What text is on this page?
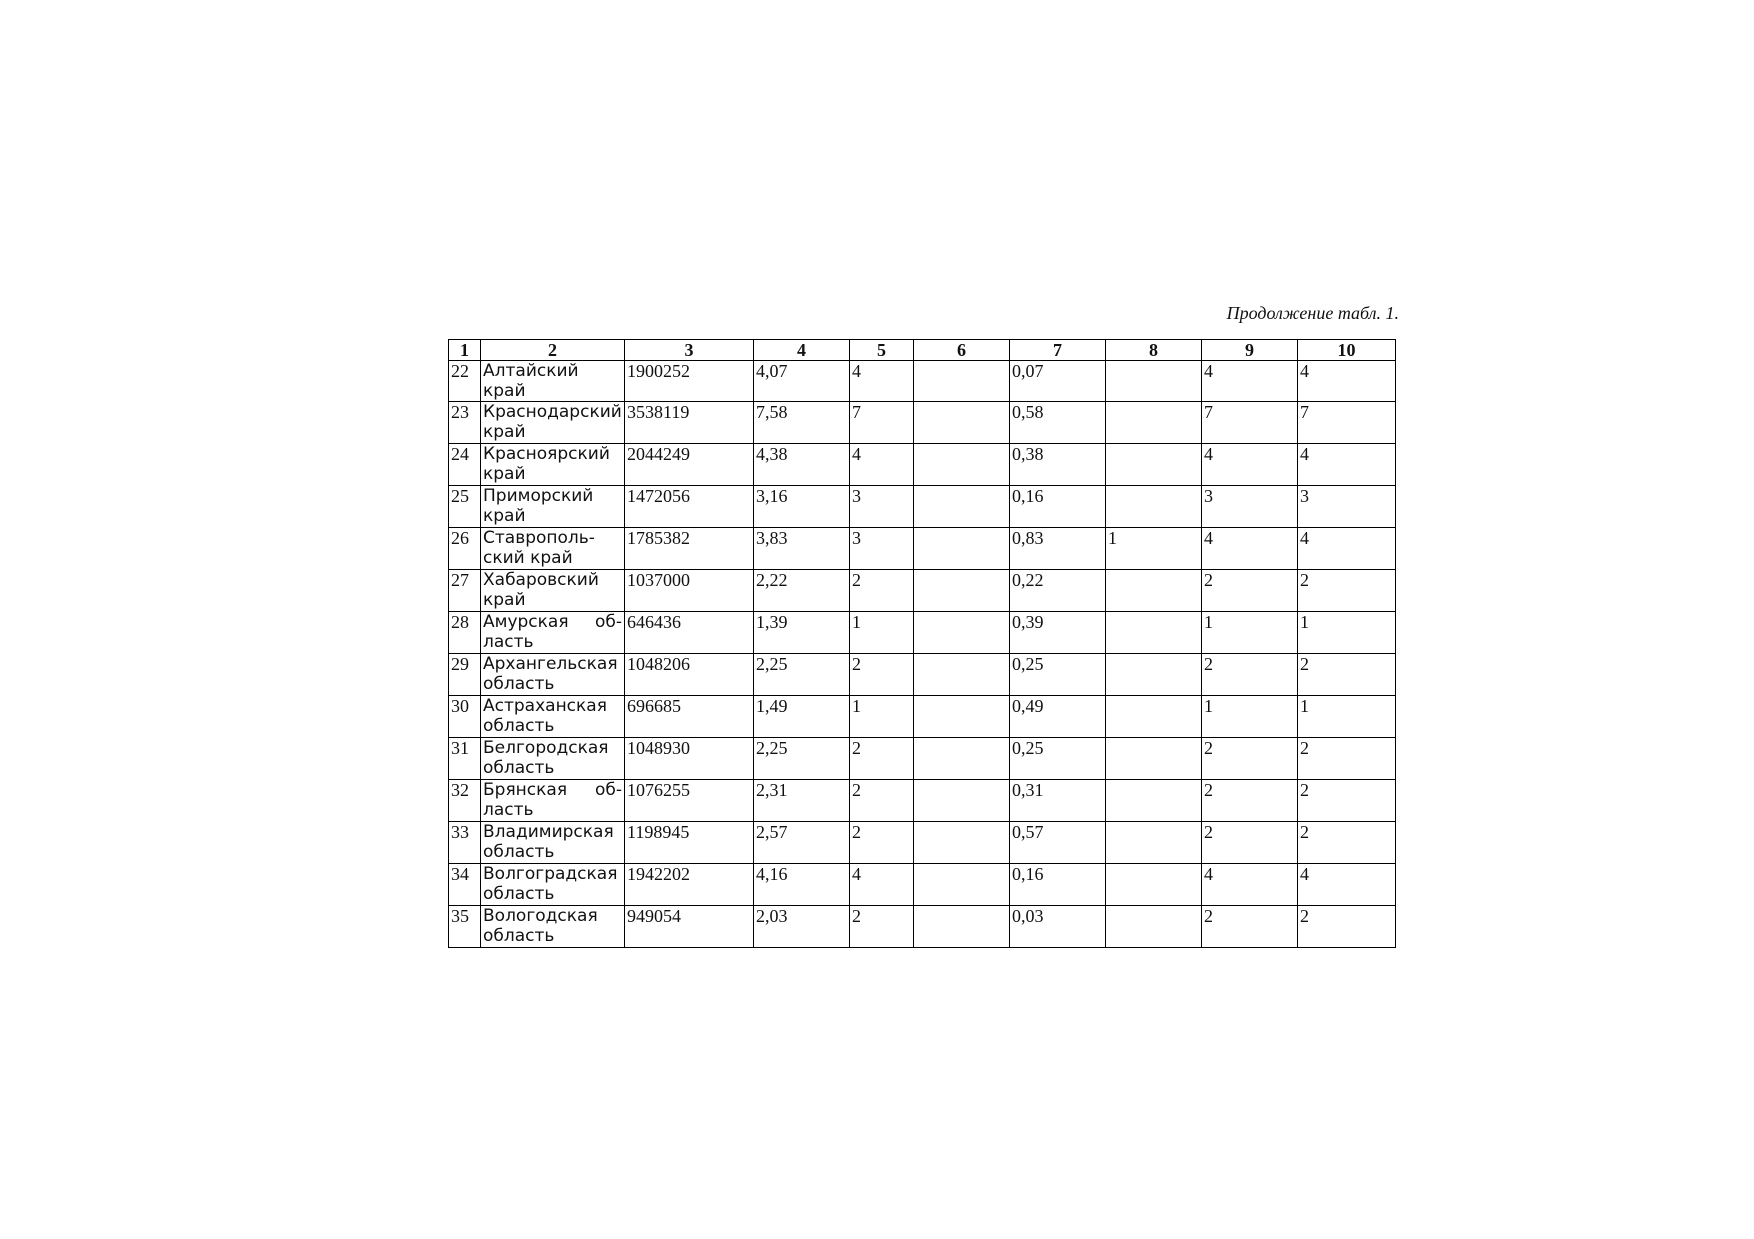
Продолжение табл. 1.
1	2	3	4	5	6	7	8	9	10
22	Алтайский край	1900252	4,07	4		0,07		4	4
23	Краснодарский край	3538119	7,58	7		0,58		7	7
24	Красноярский край	2044249	4,38	4		0,38		4	4
25	Приморский край	1472056	3,16	3		0,16		3	3
26	Ставрополь-ский край	1785382	3,83	3		0,83	1	4	4
27	Хабаровский край	1037000	2,22	2		0,22		2	2
28	Амурская об-ласть	646436	1,39	1		0,39		1	1
29	Архангельская область	1048206	2,25	2		0,25		2	2
30	Астраханская область	696685	1,49	1		0,49		1	1
31	Белгородская область	1048930	2,25	2		0,25		2	2
32	Брянская об-ласть	1076255	2,31	2		0,31		2	2
33	Владимирская область	1198945	2,57	2		0,57		2	2
34	Волгоградская область	1942202	4,16	4		0,16		4	4
35	Вологодская область	949054	2,03	2		0,03		2	2
